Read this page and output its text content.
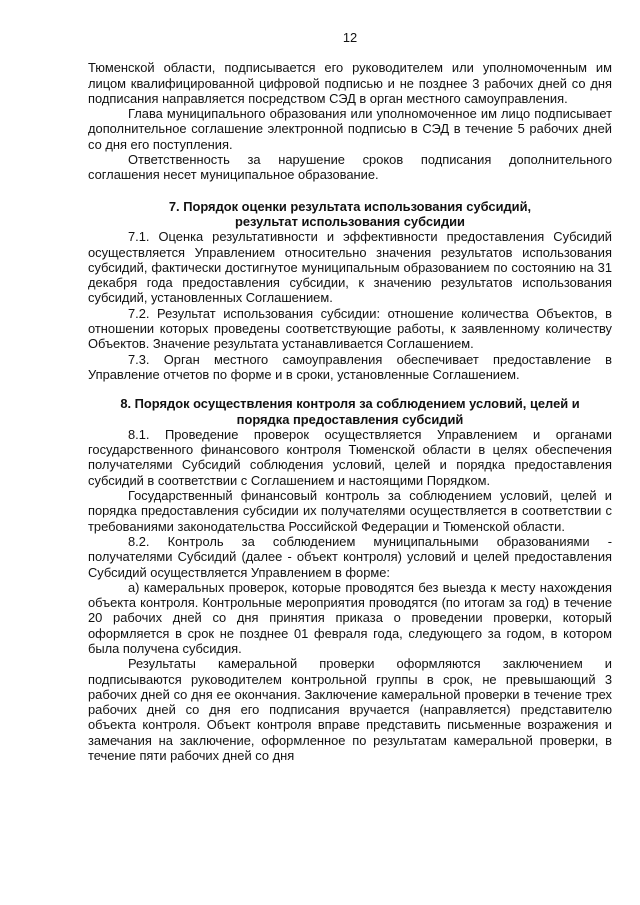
12

Тюменской области, подписывается его руководителем или уполномоченным им лицом квалифицированной цифровой подписью и не позднее 3 рабочих дней со дня подписания направляется посредством СЭД в орган местного самоуправления.

Глава муниципального образования или уполномоченное им лицо подписывает дополнительное соглашение электронной подписью в СЭД в течение 5 рабочих дней со дня его поступления.

Ответственность за нарушение сроков подписания дополнительного соглашения несет муниципальное образование.

7. Порядок оценки результата использования субсидий,
результат использования субсидии

7.1. Оценка результативности и эффективности предоставления Субсидий осуществляется Управлением относительно значения результатов использования субсидий, фактически достигнутое муниципальным образованием по состоянию на 31 декабря года предоставления субсидии, к значению результатов использования субсидий, установленных Соглашением.

7.2. Результат использования субсидии: отношение количества Объектов, в отношении которых проведены соответствующие работы, к заявленному количеству Объектов. Значение результата устанавливается Соглашением.

7.3. Орган местного самоуправления обеспечивает предоставление в Управление отчетов по форме и в сроки, установленные Соглашением.

8. Порядок осуществления контроля за соблюдением условий, целей и
порядка предоставления субсидий

8.1. Проведение проверок осуществляется Управлением и органами государственного финансового контроля Тюменской области в целях обеспечения получателями Субсидий соблюдения условий, целей и порядка предоставления субсидий в соответствии с Соглашением и настоящими Порядком.

Государственный финансовый контроль за соблюдением условий, целей и порядка предоставления субсидии их получателями осуществляется в соответствии с требованиями законодательства Российской Федерации и Тюменской области.

8.2. Контроль за соблюдением муниципальными образованиями - получателями Субсидий (далее - объект контроля) условий и целей предоставления Субсидий осуществляется Управлением в форме:

а) камеральных проверок, которые проводятся без выезда к месту нахождения объекта контроля. Контрольные мероприятия проводятся (по итогам за год) в течение 20 рабочих дней со дня принятия приказа о проведении проверки, который оформляется в срок не позднее 01 февраля года, следующего за годом, в котором была получена субсидия.

Результаты камеральной проверки оформляются заключением и подписываются руководителем контрольной группы в срок, не превышающий 3 рабочих дней со дня ее окончания. Заключение камеральной проверки в течение трех рабочих дней со дня его подписания вручается (направляется) представителю объекта контроля. Объект контроля вправе представить письменные возражения и замечания на заключение, оформленное по результатам камеральной проверки, в течение пяти рабочих дней со дня
